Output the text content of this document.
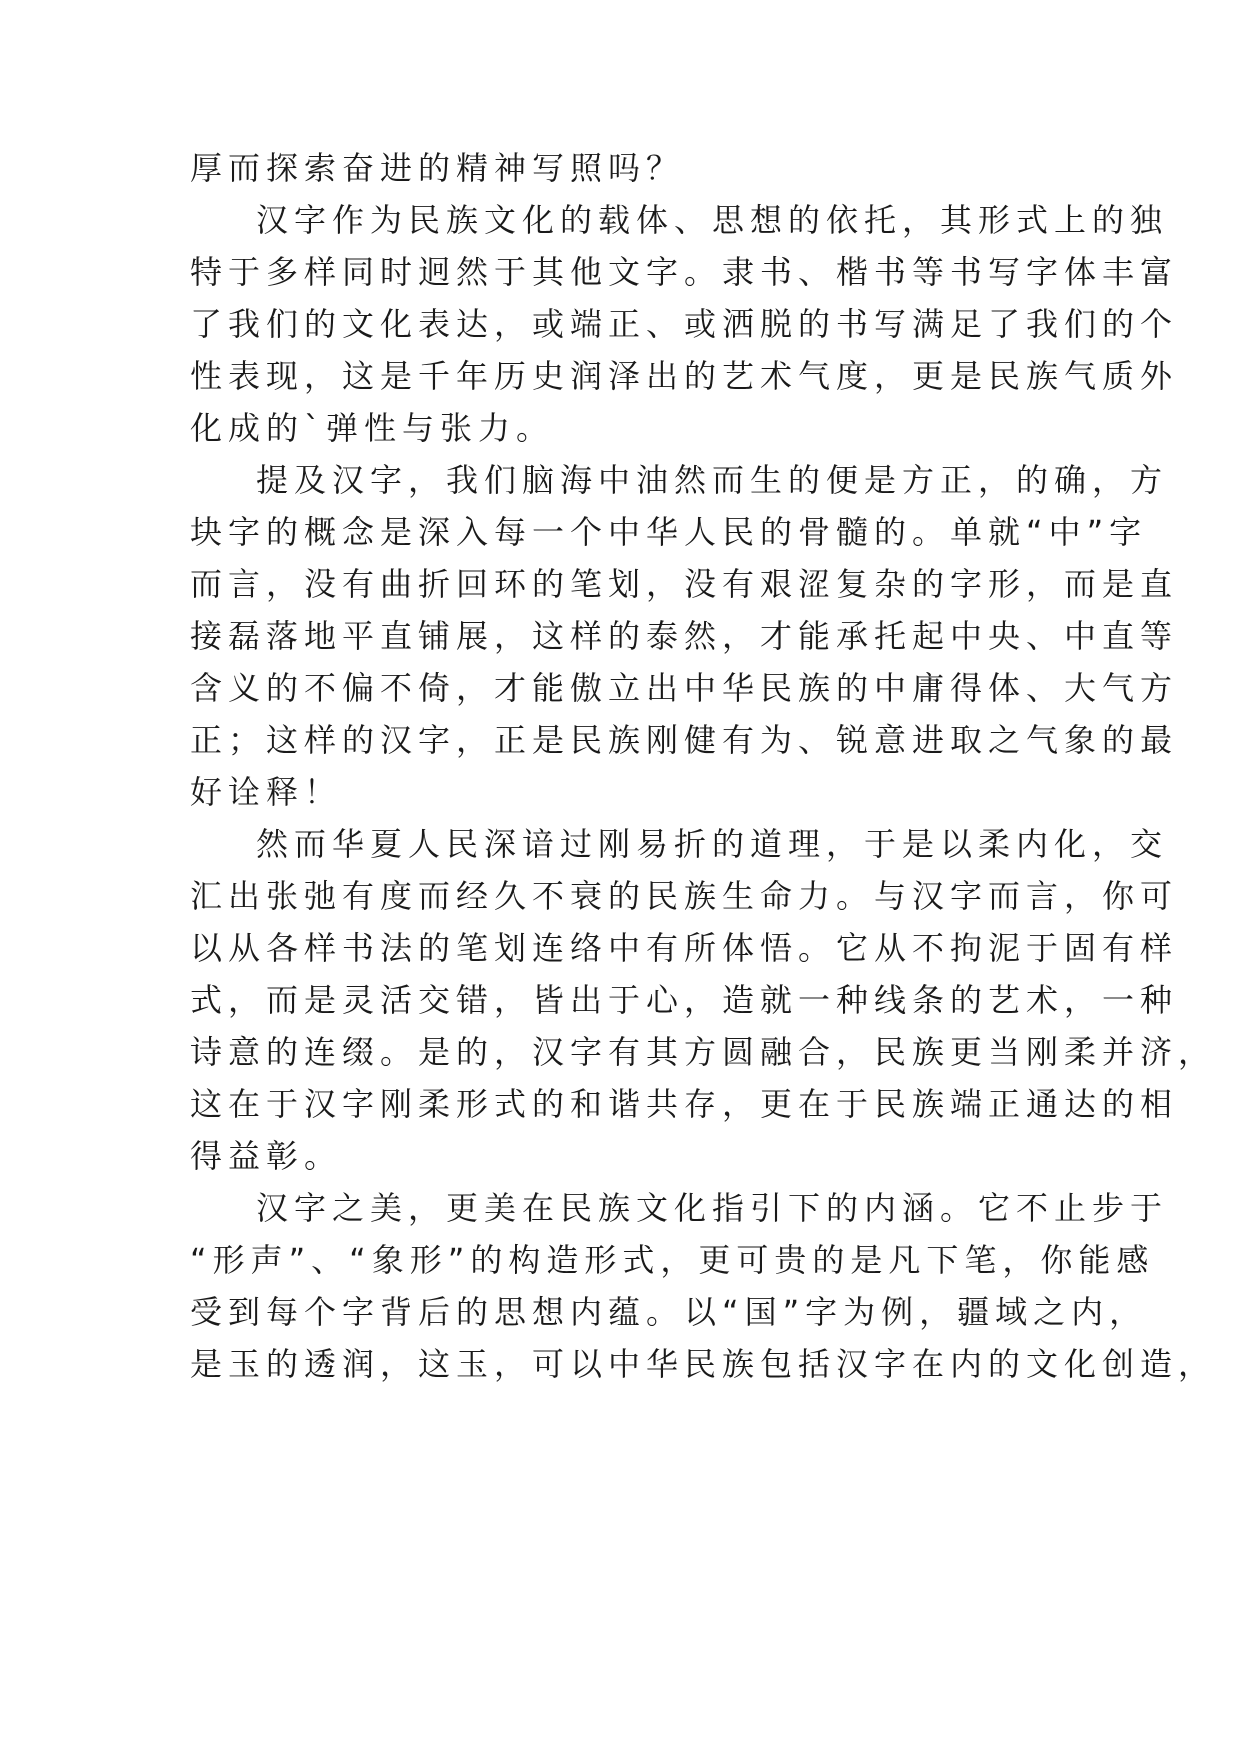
厚而探索奋进的精神写照吗？
汉字作为民族文化的载体、思想的依托，其形式上的独
特于多样同时迥然于其他文字。隶书、楷书等书写字体丰富
了我们的文化表达，或端正、或洒脱的书写满足了我们的个
性表现，这是千年历史润泽出的艺术气度，更是民族气质外
化成的`弹性与张力。
提及汉字，我们脑海中油然而生的便是方正，的确，方
块字的概念是深入每一个中华人民的骨髓的。单就“中”字
而言，没有曲折回环的笔划，没有艰涩复杂的字形，而是直
接磊落地平直铺展，这样的泰然，才能承托起中央、中直等
含义的不偏不倚，才能傲立出中华民族的中庸得体、大气方
正；这样的汉字，正是民族刚健有为、锐意进取之气象的最
好诠释！
然而华夏人民深谙过刚易折的道理，于是以柔内化，交
汇出张弛有度而经久不衰的民族生命力。与汉字而言，你可
以从各样书法的笔划连络中有所体悟。它从不拘泥于固有样
式，而是灵活交错，皆出于心，造就一种线条的艺术，一种
诗意的连缀。是的，汉字有其方圆融合，民族更当刚柔并济，
这在于汉字刚柔形式的和谐共存，更在于民族端正通达的相
得益彰。
汉字之美，更美在民族文化指引下的内涵。它不止步于
“形声”、“象形”的构造形式，更可贵的是凡下笔，你能感
受到每个字背后的思想内蕴。以“国”字为例，疆域之内，
是玉的透润，这玉，可以中华民族包括汉字在内的文化创造，
